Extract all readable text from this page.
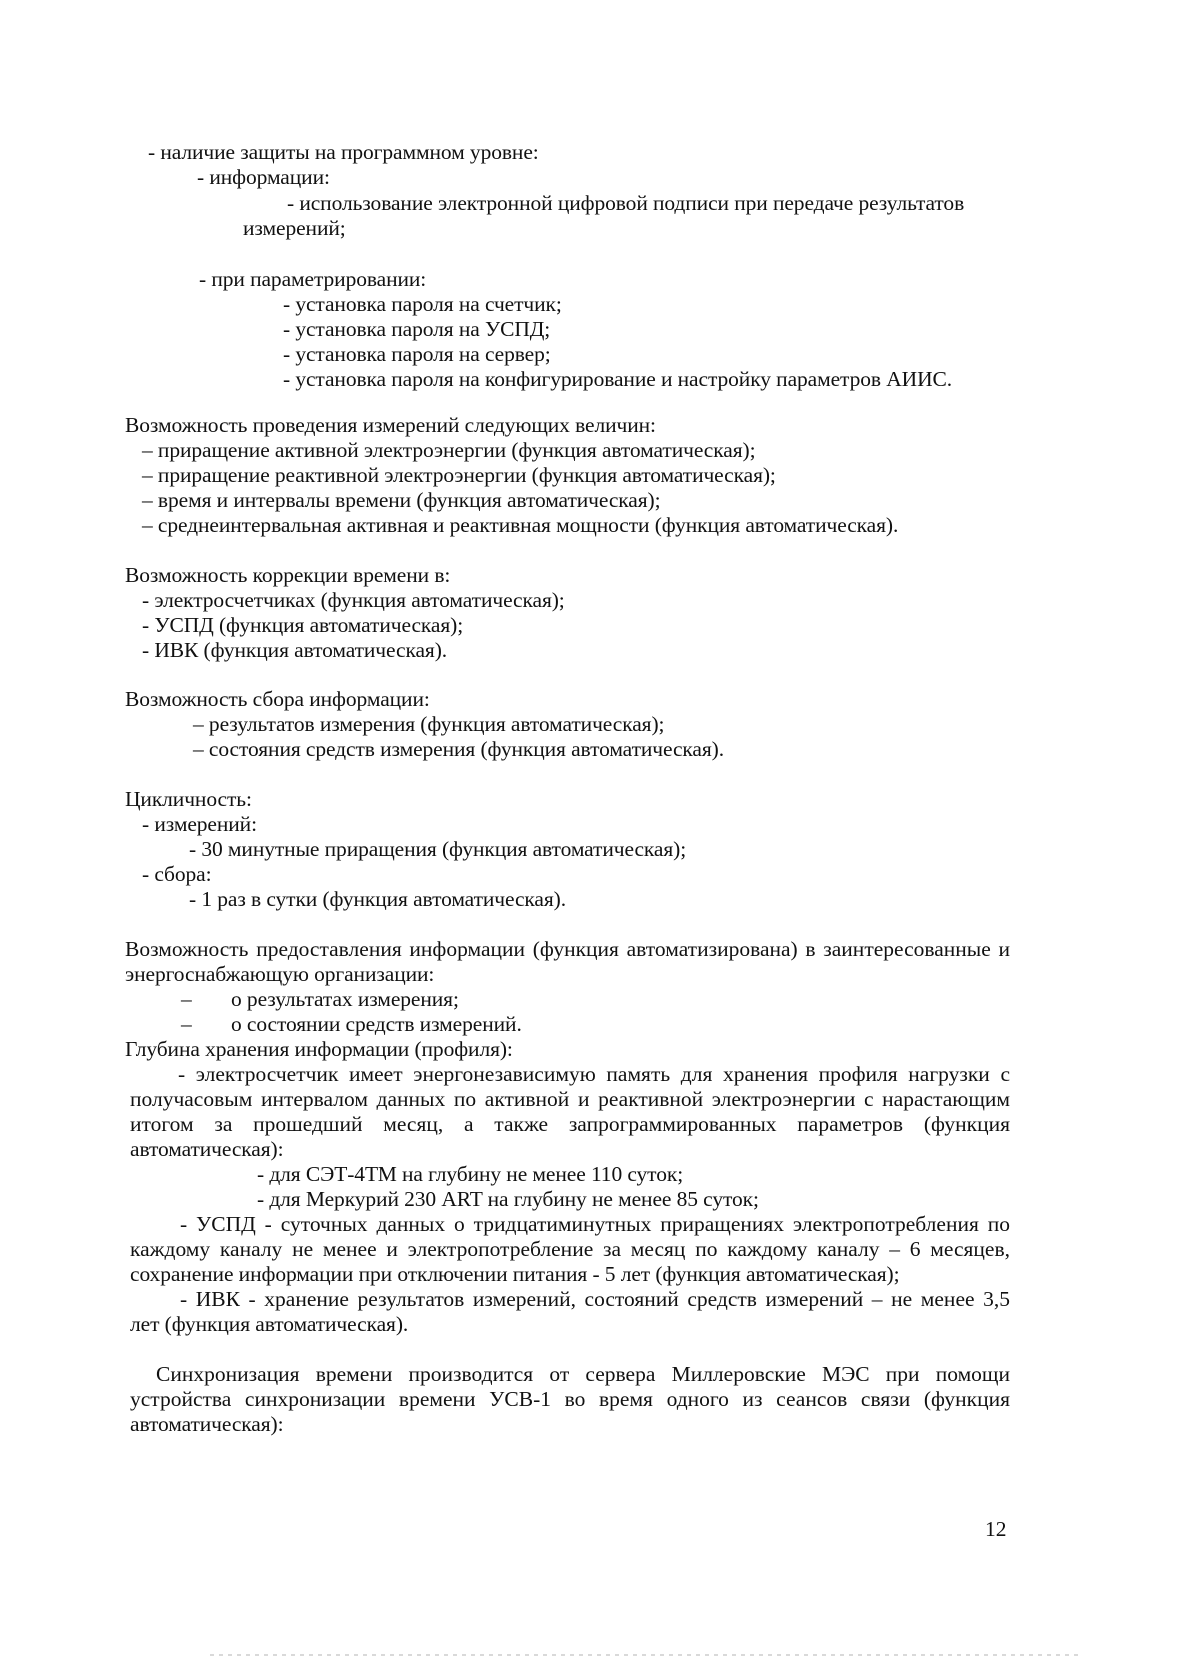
- наличие защиты на программном уровне:
- информации:
- использование электронной цифровой подписи при передаче результатов
измерений;
- при параметрировании:
- установка пароля на счетчик;
- установка пароля на УСПД;
- установка пароля на сервер;
- установка пароля на конфигурирование и настройку параметров АИИС.
Возможность проведения измерений следующих величин:
– приращение активной электроэнергии (функция автоматическая);
– приращение реактивной электроэнергии (функция автоматическая);
– время и интервалы времени (функция автоматическая);
– среднеинтервальная активная и реактивная мощности (функция автоматическая).
Возможность коррекции времени в:
- электросчетчиках (функция автоматическая);
- УСПД (функция автоматическая);
- ИВК (функция автоматическая).
Возможность сбора информации:
– результатов измерения (функция автоматическая);
– состояния средств измерения (функция автоматическая).
Цикличность:
- измерений:
- 30 минутные приращения (функция автоматическая);
- сбора:
- 1 раз в сутки (функция автоматическая).
Возможность предоставления информации (функция автоматизирована) в заинтересованные и
энергоснабжающую организации:
– о результатах измерения;
– о состоянии средств измерений.
Глубина хранения информации (профиля):
- электросчетчик имеет энергонезависимую память для хранения профиля нагрузки с
получасовым интервалом данных по активной и реактивной электроэнергии с нарастающим
итогом за прошедший месяц, а также запрограммированных параметров (функция
автоматическая):
- для СЭТ-4ТМ на глубину не менее 110 суток;
- для Меркурий 230 ART на глубину не менее 85 суток;
- УСПД - суточных данных о тридцатиминутных приращениях электропотребления по
каждому каналу не менее и электропотребление за месяц по каждому каналу – 6 месяцев,
сохранение информации при отключении питания - 5 лет (функция автоматическая);
- ИВК - хранение результатов измерений, состояний средств измерений – не менее 3,5
лет (функция автоматическая).
Синхронизация времени производится от сервера Миллеровские МЭС при помощи
устройства синхронизации времени УСВ-1 во время одного из сеансов связи (функция
автоматическая):
12
